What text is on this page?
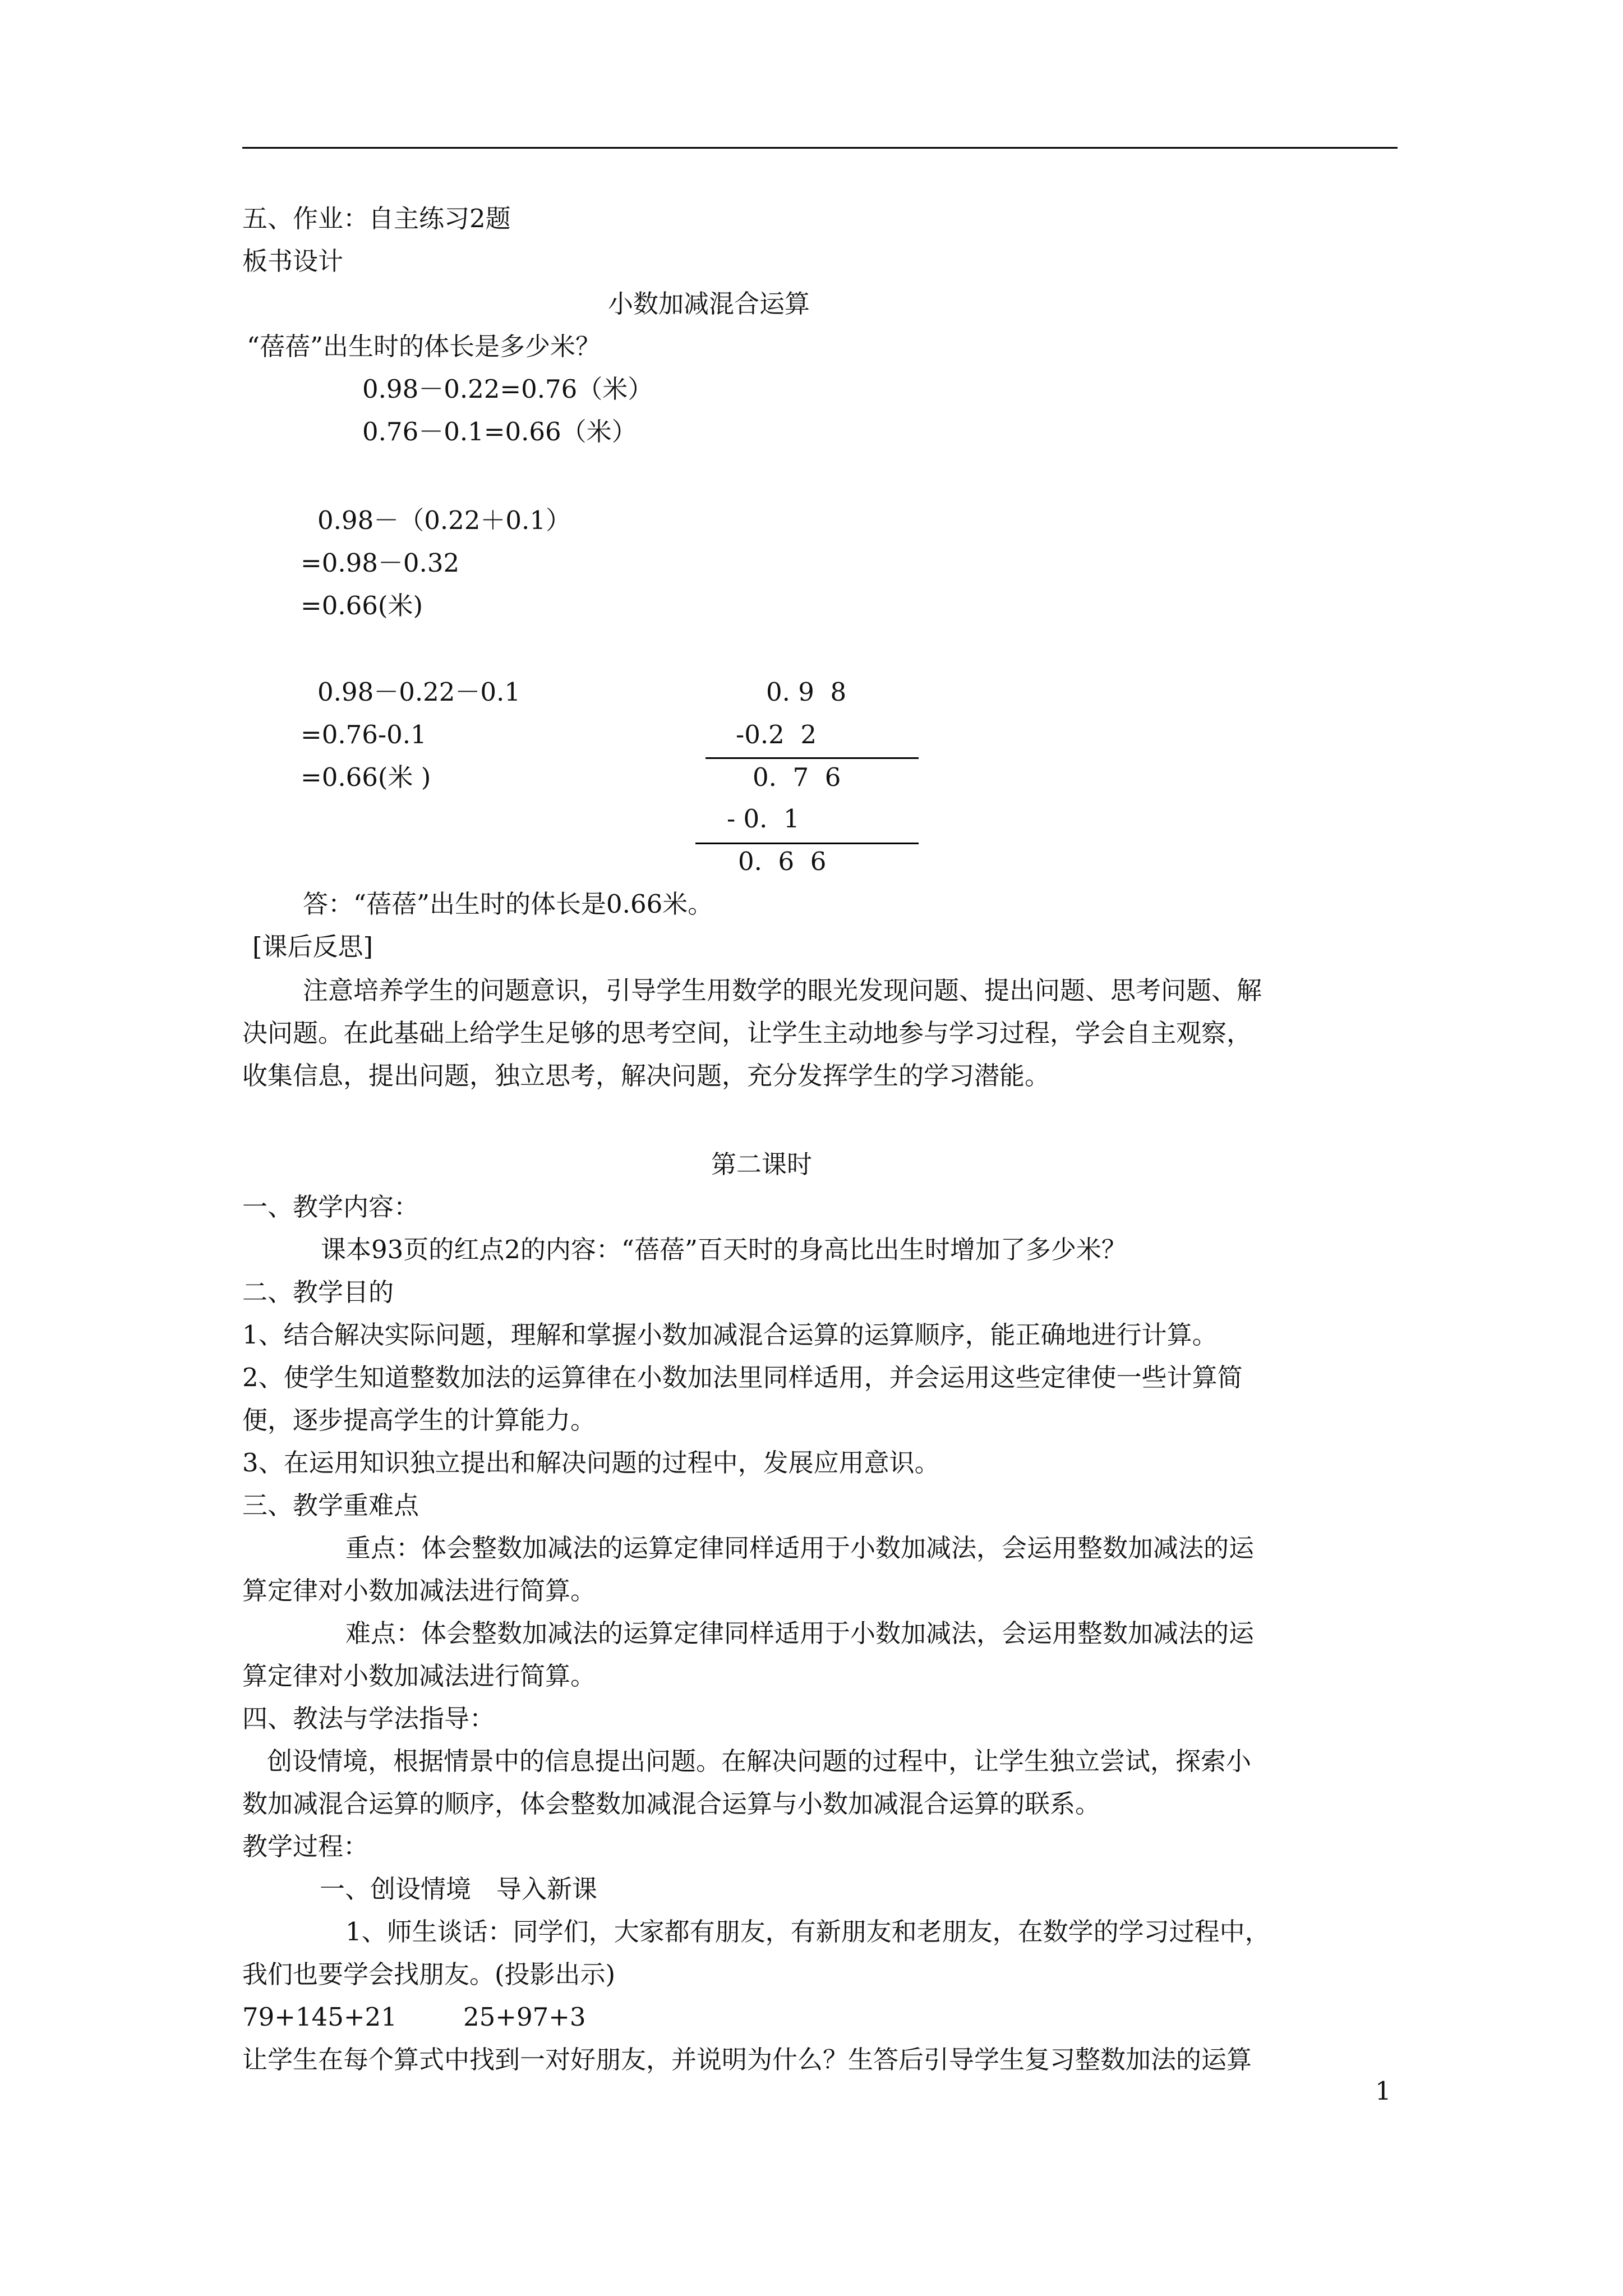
五、作业：自主练习2题
板书设计
小数加减混合运算
“蓓蓓”出生时的体长是多少米？
0.98－0.22=0.76（米）
0.76－0.1=0.66（米）
0.98－（0.22＋0.1）
=0.98－0.32
=0.66(米)
0.98－0.22－0.1
=0.76-0.1
=0.66(米 )
0. 9  8
-0.2  2
0.  7  6
- 0.  1
0.  6  6
答：“蓓蓓”出生时的体长是0.66米。
[课后反思]
注意培养学生的问题意识，引导学生用数学的眼光发现问题、提出问题、思考问题、解
决问题。在此基础上给学生足够的思考空间，让学生主动地参与学习过程，学会自主观察，
收集信息，提出问题，独立思考，解决问题，充分发挥学生的学习潜能。
第二课时
一、教学内容：
课本93页的红点2的内容：“蓓蓓”百天时的身高比出生时增加了多少米？
二、教学目的
1、结合解决实际问题，理解和掌握小数加减混合运算的运算顺序，能正确地进行计算。
2、使学生知道整数加法的运算律在小数加法里同样适用，并会运用这些定律使一些计算简
便，逐步提高学生的计算能力。
3、在运用知识独立提出和解决问题的过程中，发展应用意识。
三、教学重难点
重点：体会整数加减法的运算定律同样适用于小数加减法，会运用整数加减法的运
算定律对小数加减法进行简算。
难点：体会整数加减法的运算定律同样适用于小数加减法，会运用整数加减法的运
算定律对小数加减法进行简算。
四、教法与学法指导：
创设情境，根据情景中的信息提出问题。在解决问题的过程中，让学生独立尝试，探索小
数加减混合运算的顺序，体会整数加减混合运算与小数加减混合运算的联系。
教学过程：
一、创设情境　导入新课
1、师生谈话：同学们，大家都有朋友，有新朋友和老朋友，在数学的学习过程中，
我们也要学会找朋友。(投影出示)
79+145+21	25+97+3
让学生在每个算式中找到一对好朋友，并说明为什么？生答后引导学生复习整数加法的运算
1
